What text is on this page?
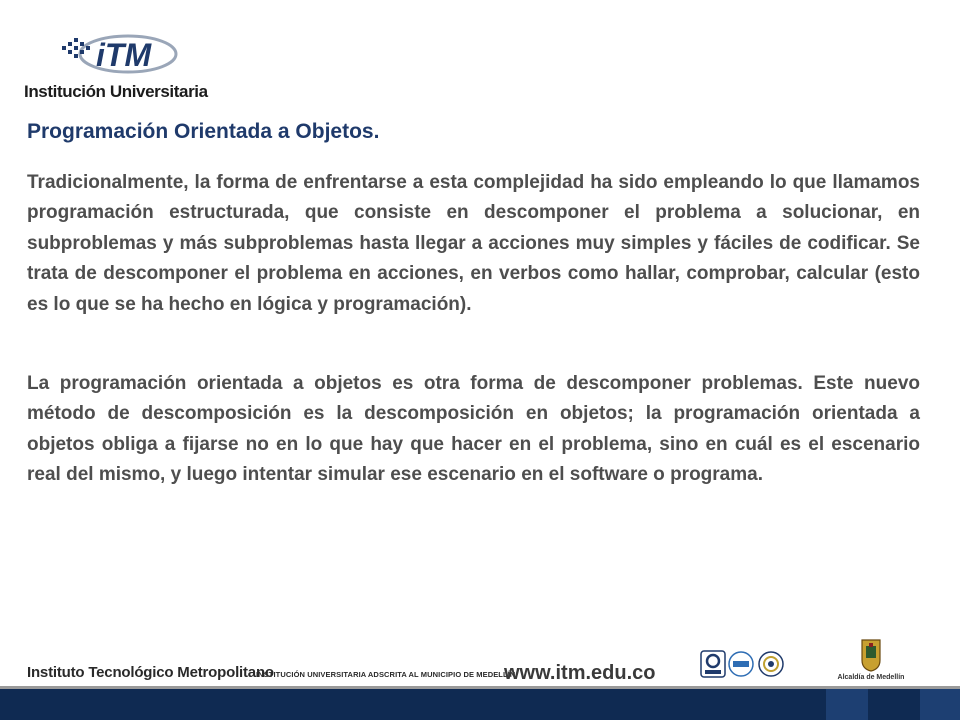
iTM
Institución Universitaria
Programación Orientada a Objetos.

Tradicionalmente, la forma de enfrentarse a esta complejidad ha sido empleando lo que llamamos programación estructurada, que consiste en descomponer el problema a solucionar, en subproblemas y más subproblemas hasta llegar a acciones muy simples y fáciles de codificar. Se trata de descomponer el problema en acciones, en verbos como hallar, comprobar, calcular (esto es lo que se ha hecho en lógica y programación).

La programación orientada a objetos es otra forma de descomponer problemas. Este nuevo método de descomposición es la descomposición en objetos; la programación orientada a objetos obliga a fijarse no en lo que hay que hacer en el problema, sino en cuál es el escenario real del mismo, y luego intentar simular ese escenario en el software o programa.

Instituto Tecnológico Metropolitano
INSTITUCIÓN UNIVERSITARIA ADSCRITA AL MUNICIPIO DE MEDELLÍN
www.itm.edu.co	Alcaldía de Medellín
